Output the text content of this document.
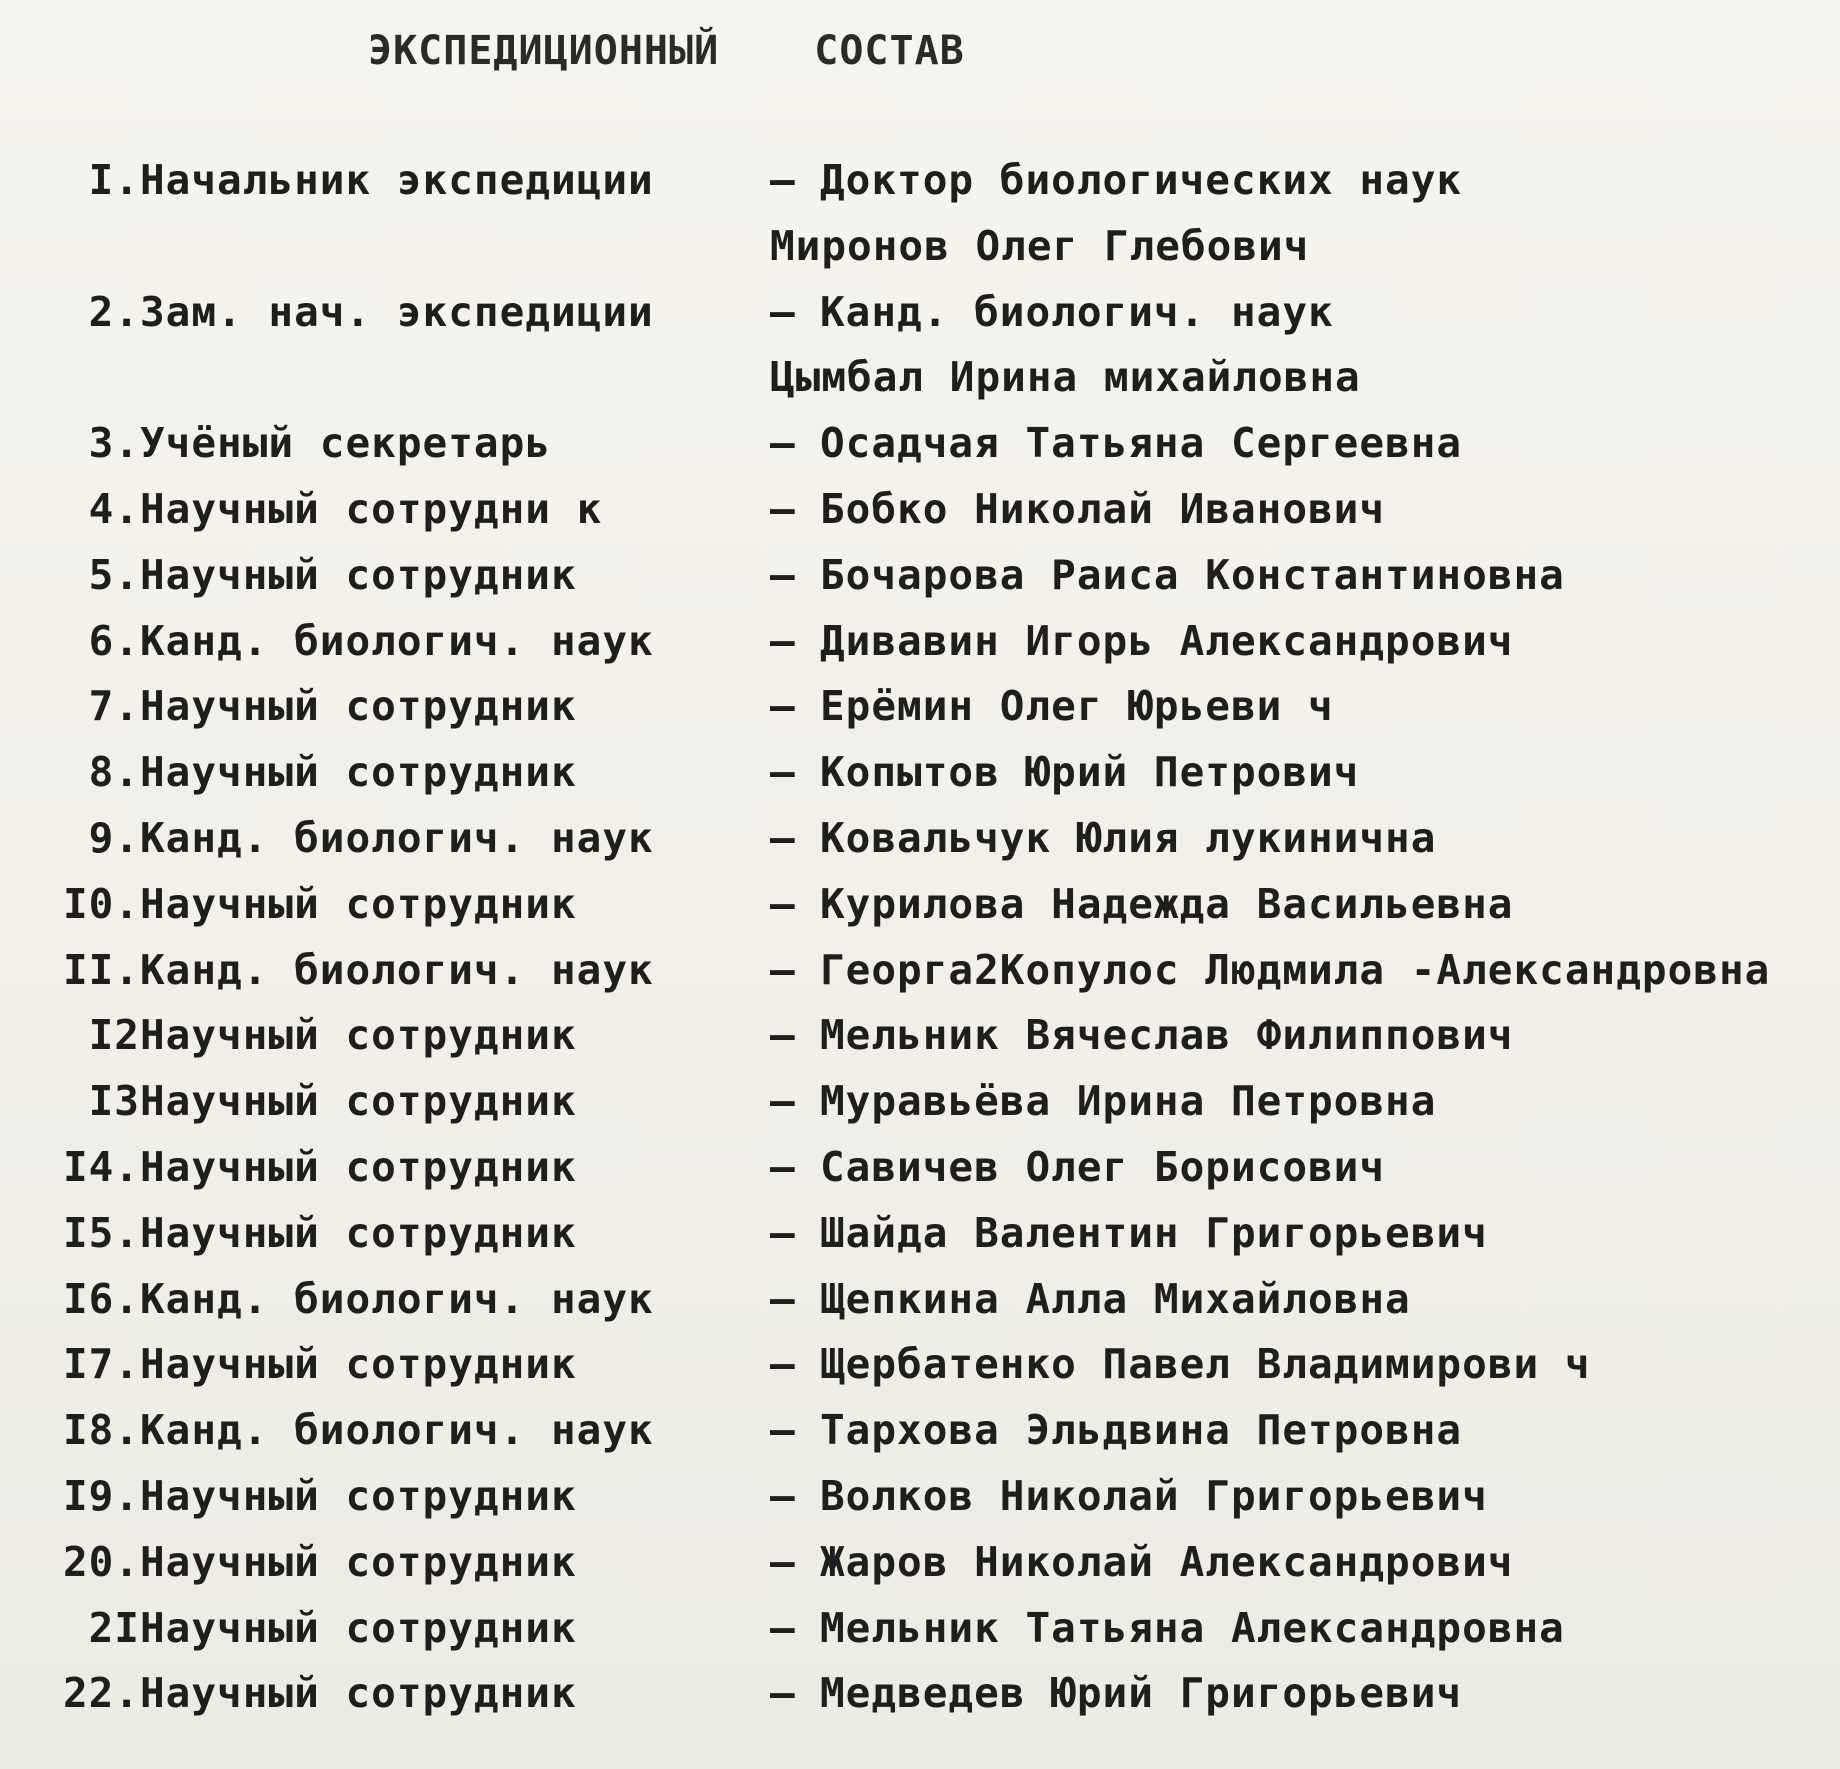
ЭКСПЕДИЦИОННЫЙ СОСТАВ
I. Начальник экспедиции	– Доктор биологических наук
Миронов Олег Глебович
2. Зам. нач. экспедиции	– Канд. биологич. наук
Цымбал Ирина михайловна
3. Учёный секретарь	– Осадчая Татьяна Сергеевна
4. Научный сотрудни к	– Бобко Николай Иванович
5. Научный сотрудник	– Бочарова Раиса Константиновна
6. Канд. биологич. наук	– Дивавин Игорь Александрович
7. Научный сотрудник	– Ерёмин Олег Юрьеви ч
8. Научный сотрудник	– Копытов Юрий Петрович
9. Канд. биологич. наук	– Ковальчук Юлия лукинична
I0. Научный сотрудник	– Курилова Надежда Васильевна
II. Канд. биологич. наук	– Георга2Копулос Людмила -Александровна
I2 Научный сотрудник	– Мельник Вячеслав Филиппович
I3 Научный сотрудник	– Муравьёва Ирина Петровна
I4. Научный сотрудник	– Савичев Олег Борисович
I5. Научный сотрудник	– Шайда Валентин Григорьевич
I6. Канд. биологич. наук	– Щепкина Алла Михайловна
I7. Научный сотрудник	– Щербатенко Павел Владимирови ч
I8. Канд. биологич. наук	– Тархова Эльдвина Петровна
I9. Научный сотрудник	– Волков Николай Григорьевич
20. Научный сотрудник	– Жаров Николай Александрович
2I Научный сотрудник	– Мельник Татьяна Александровна
22. Научный сотрудник	– Медведев Юрий Григорьевич
